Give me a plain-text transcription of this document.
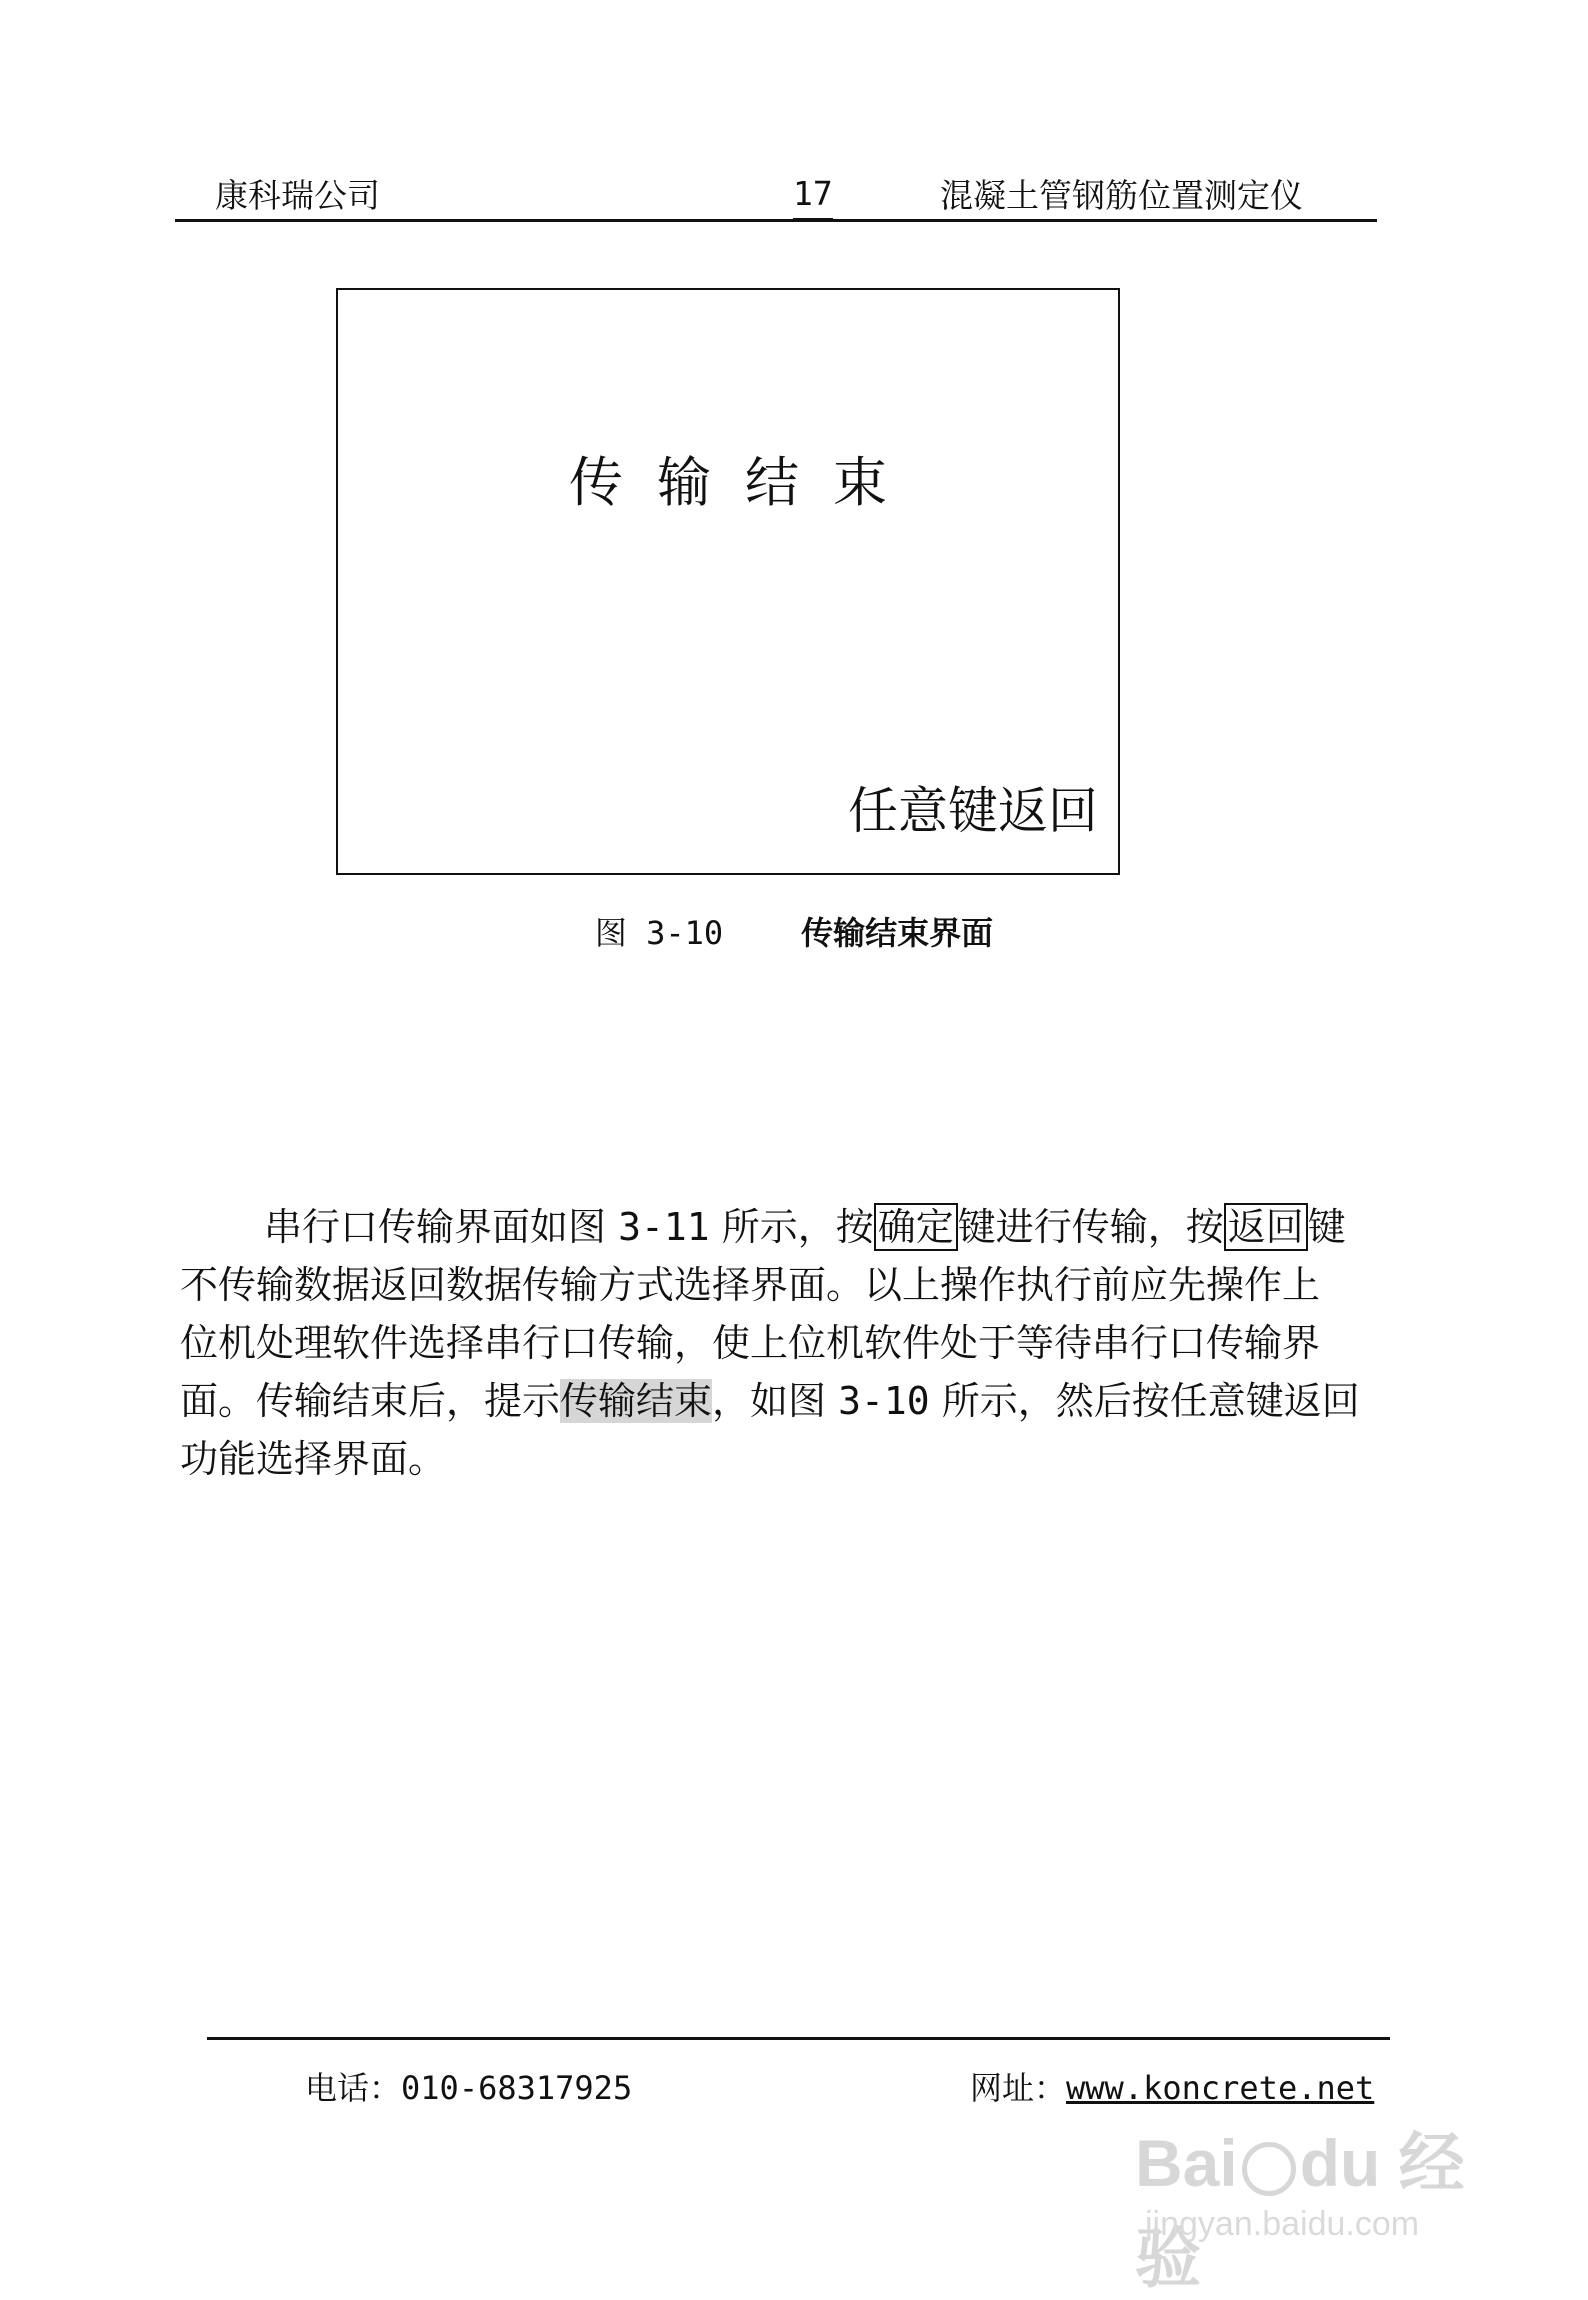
康科瑞公司	17	混凝土管钢筋位置测定仪
传输结束
任意键返回
图 3-10 传输结束界面
串行口传输界面如图 3-11 所示，按 确定 键进行传输，按 返回 键
不传输数据返回数据传输方式选择界面。以上操作执行前应先操作上
位机处理软件选择串行口传输，使上位机软件处于等待串行口传输界
面。传输结束后，提示传输结束，如图 3-10 所示，然后按任意键返回
功能选择界面。
电话：010-68317925	网址：www.koncrete.net
Bai du 经验
jingyan.baidu.com
